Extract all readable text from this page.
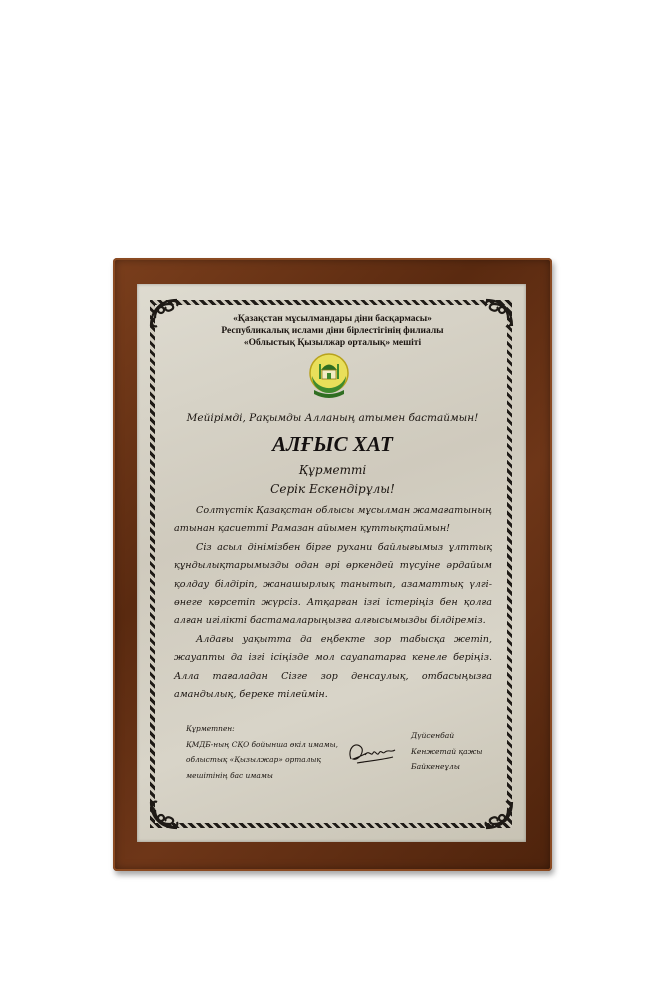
«Қазақстан мұсылмандары діни басқармасы»
Республикалық ислами діни бірлестігінің филиалы
«Облыстық Қызылжар орталық» мешіті
Мейірімді, Рақымды Алланың атымен бастаймын!
АЛҒЫС ХАТ
Құрметті
Серік Ескендірұлы!

Солтүстік Қазақстан облысы мұсылман жамағатының атынан қасиетті Рамазан айымен құттықтаймын!

Сіз асыл дінімізбен бірге рухани байлығымыз ұлттық құндылықтарымызды одан әрі өркендей түсуіне әрдайым қолдау білдіріп, жанашырлық танытып, азаматтық үлгі-өнеге көрсетіп жүрсіз. Атқарған ізгі істеріңіз бен қолға алған игілікті бастамаларыңызға алғысымызды білдіреміз.

Алдағы уақытта да еңбекте зор табысқа жетіп, жауапты да ізгі ісіңізде мол сауапатарға кенеле беріңіз. Алла тағаладан Сізге зор денсаулық, отбасыңызға амандылық, береке тілеймін.

Құрметпен:
ҚМДБ-ның СҚО бойынша өкіл имамы,
облыстық «Қызылжар» орталық
мешітінің бас имамы
Дүйсенбай
Кенжетай қажы
Байкенеұлы
